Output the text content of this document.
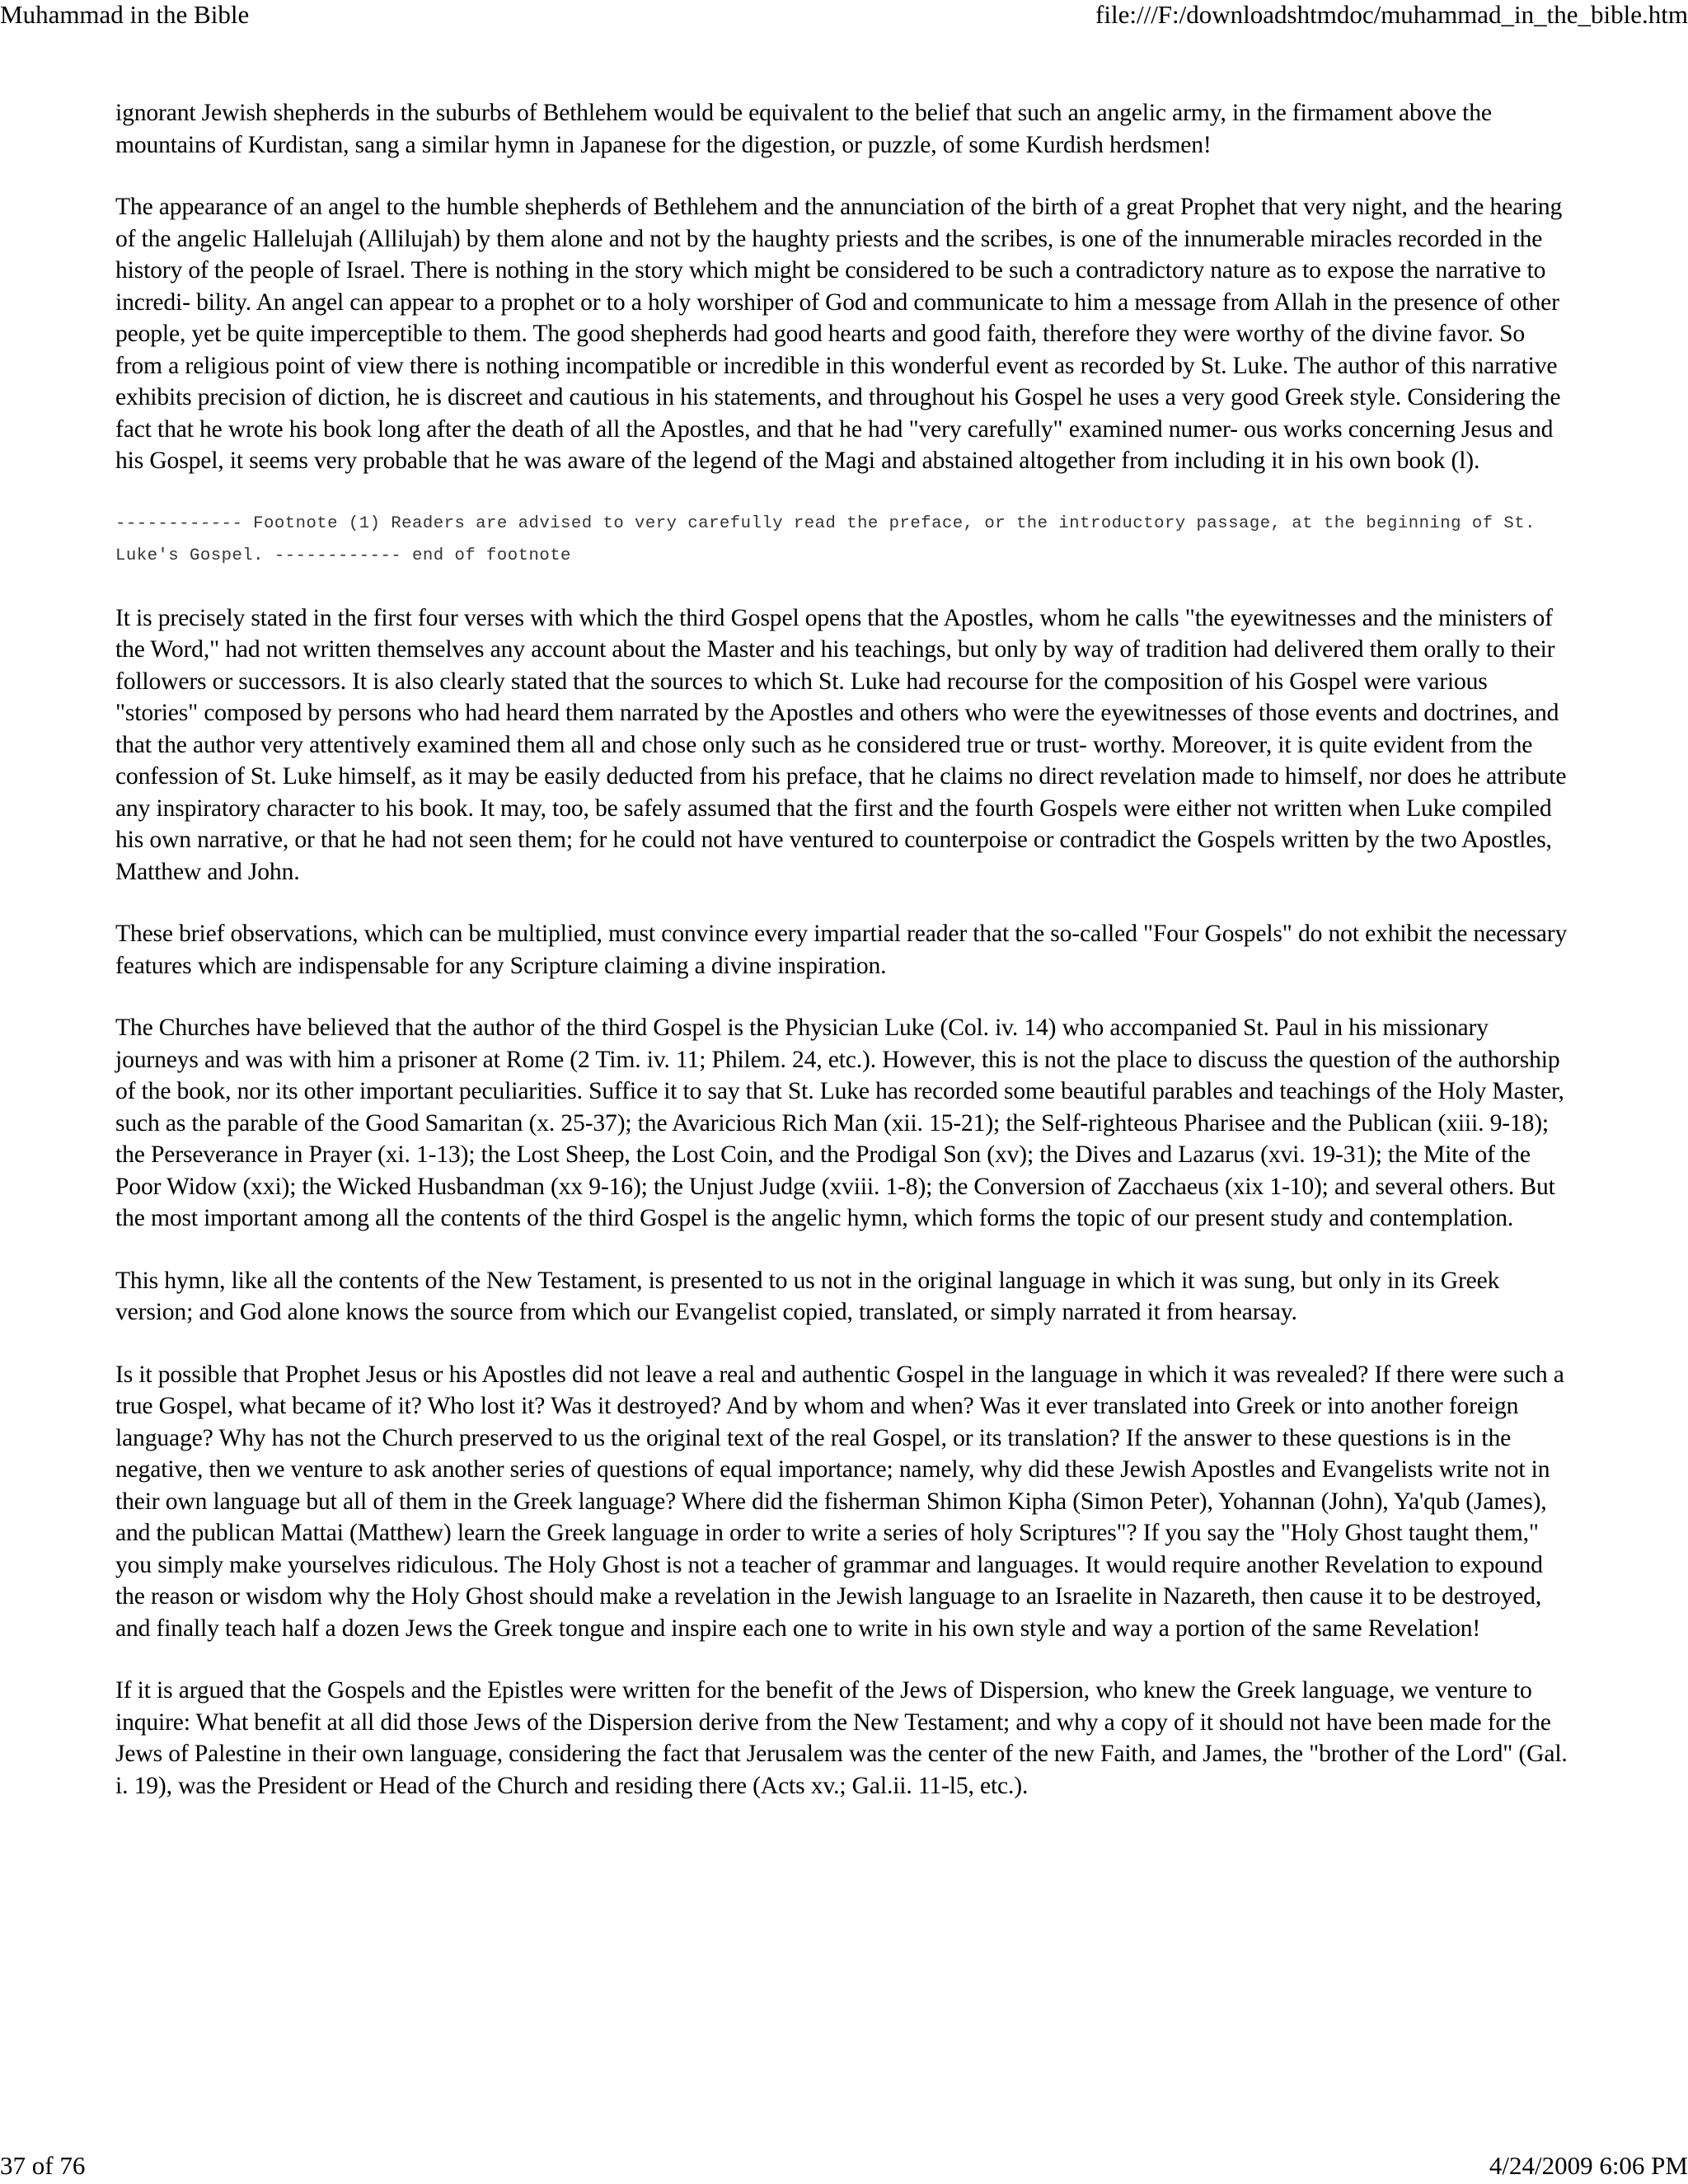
Muhammad in the Bible	file:///F:/downloadshtmdoc/muhammad_in_the_bible.htm

ignorant Jewish shepherds in the suburbs of Bethlehem would be equivalent to the belief that such an angelic army, in the firmament above the mountains of Kurdistan, sang a similar hymn in Japanese for the digestion, or puzzle, of some Kurdish herdsmen!

The appearance of an angel to the humble shepherds of Bethlehem and the annunciation of the birth of a great Prophet that very night, and the hearing of the angelic Hallelujah (Allilujah) by them alone and not by the haughty priests and the scribes, is one of the innumerable miracles recorded in the history of the people of Israel. There is nothing in the story which might be considered to be such a contradictory nature as to expose the narrative to incredi- bility. An angel can appear to a prophet or to a holy worshiper of God and communicate to him a message from Allah in the presence of other people, yet be quite imperceptible to them. The good shepherds had good hearts and good faith, therefore they were worthy of the divine favor. So from a religious point of view there is nothing incompatible or incredible in this wonderful event as recorded by St. Luke. The author of this narrative exhibits precision of diction, he is discreet and cautious in his statements, and throughout his Gospel he uses a very good Greek style. Considering the fact that he wrote his book long after the death of all the Apostles, and that he had "very carefully" examined numer- ous works concerning Jesus and his Gospel, it seems very probable that he was aware of the legend of the Magi and abstained altogether from including it in his own book (l).

------------ Footnote (1) Readers are advised to very carefully read the preface, or the introductory passage, at the beginning of St. Luke's Gospel. ------------ end of footnote

It is precisely stated in the first four verses with which the third Gospel opens that the Apostles, whom he calls "the eyewitnesses and the ministers of the Word," had not written themselves any account about the Master and his teachings, but only by way of tradition had delivered them orally to their followers or successors. It is also clearly stated that the sources to which St. Luke had recourse for the composition of his Gospel were various "stories" composed by persons who had heard them narrated by the Apostles and others who were the eyewitnesses of those events and doctrines, and that the author very attentively examined them all and chose only such as he considered true or trust- worthy. Moreover, it is quite evident from the confession of St. Luke himself, as it may be easily deducted from his preface, that he claims no direct revelation made to himself, nor does he attribute any inspiratory character to his book. It may, too, be safely assumed that the first and the fourth Gospels were either not written when Luke compiled his own narrative, or that he had not seen them; for he could not have ventured to counterpoise or contradict the Gospels written by the two Apostles, Matthew and John.

These brief observations, which can be multiplied, must convince every impartial reader that the so-called "Four Gospels" do not exhibit the necessary features which are indispensable for any Scripture claiming a divine inspiration.

The Churches have believed that the author of the third Gospel is the Physician Luke (Col. iv. 14) who accompanied St. Paul in his missionary journeys and was with him a prisoner at Rome (2 Tim. iv. 11; Philem. 24, etc.). However, this is not the place to discuss the question of the authorship of the book, nor its other important peculiarities. Suffice it to say that St. Luke has recorded some beautiful parables and teachings of the Holy Master, such as the parable of the Good Samaritan (x. 25-37); the Avaricious Rich Man (xii. 15-21); the Self-righteous Pharisee and the Publican (xiii. 9-18); the Perseverance in Prayer (xi. 1-13); the Lost Sheep, the Lost Coin, and the Prodigal Son (xv); the Dives and Lazarus (xvi. 19-31); the Mite of the Poor Widow (xxi); the Wicked Husbandman (xx 9-16); the Unjust Judge (xviii. 1-8); the Conversion of Zacchaeus (xix 1-10); and several others. But the most important among all the contents of the third Gospel is the angelic hymn, which forms the topic of our present study and contemplation.

This hymn, like all the contents of the New Testament, is presented to us not in the original language in which it was sung, but only in its Greek version; and God alone knows the source from which our Evangelist copied, translated, or simply narrated it from hearsay.

Is it possible that Prophet Jesus or his Apostles did not leave a real and authentic Gospel in the language in which it was revealed? If there were such a true Gospel, what became of it? Who lost it? Was it destroyed? And by whom and when? Was it ever translated into Greek or into another foreign language? Why has not the Church preserved to us the original text of the real Gospel, or its translation? If the answer to these questions is in the negative, then we venture to ask another series of questions of equal importance; namely, why did these Jewish Apostles and Evangelists write not in their own language but all of them in the Greek language? Where did the fisherman Shimon Kipha (Simon Peter), Yohannan (John), Ya'qub (James), and the publican Mattai (Matthew) learn the Greek language in order to write a series of holy Scriptures"? If you say the "Holy Ghost taught them," you simply make yourselves ridiculous. The Holy Ghost is not a teacher of grammar and languages. It would require another Revelation to expound the reason or wisdom why the Holy Ghost should make a revelation in the Jewish language to an Israelite in Nazareth, then cause it to be destroyed, and finally teach half a dozen Jews the Greek tongue and inspire each one to write in his own style and way a portion of the same Revelation!

If it is argued that the Gospels and the Epistles were written for the benefit of the Jews of Dispersion, who knew the Greek language, we venture to inquire: What benefit at all did those Jews of the Dispersion derive from the New Testament; and why a copy of it should not have been made for the Jews of Palestine in their own language, considering the fact that Jerusalem was the center of the new Faith, and James, the "brother of the Lord" (Gal. i. 19), was the President or Head of the Church and residing there (Acts xv.; Gal.ii. 11-l5, etc.).

37 of 76	4/24/2009 6:06 PM
